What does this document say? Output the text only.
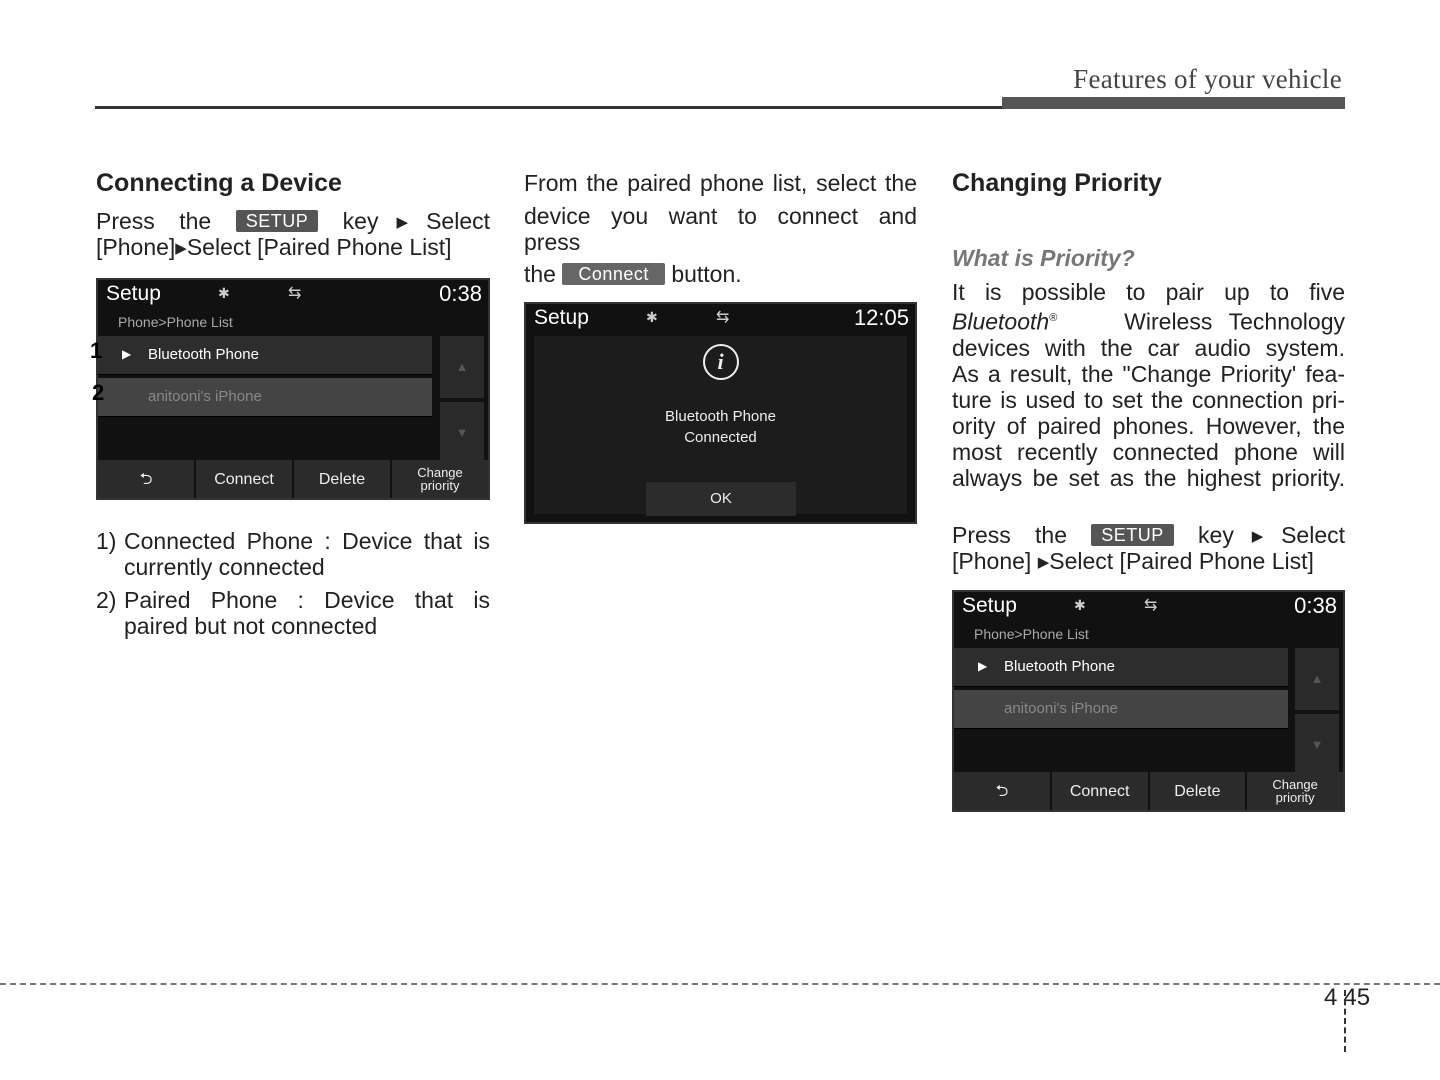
Features of your vehicle
Connecting a Device
Press the SETUP key▶Select
[Phone]▶Select [Paired Phone List]
Setup	✱	⇆	0:38
Phone>Phone List
▶ Bluetooth Phone
anitooni's iPhone
▲
▼
⮌	Connect	Delete	Change
priority
1
2
1) Connected Phone : Device that is
currently connected
2) Paired Phone : Device that is
paired but not connected
From the paired phone list, select the
device you want to connect and
press
the Connect button.
Setup	✱	⇆	12:05
i
Bluetooth Phone
Connected
OK
Changing Priority
What is Priority?
It is possible to pair up to five
Bluetooth®	Wireless Technology
devices with the car audio system.
As a result, the "Change Priority' fea-
ture is used to set the connection pri-
ority of paired phones. However, the
most recently connected phone will
always be set as the highest priority.
Press the SETUP key▶Select
[Phone] ▶Select [Paired Phone List]
Setup	✱	⇆	0:38
Phone>Phone List
▶ Bluetooth Phone
anitooni's iPhone
▲
▼
⮌	Connect	Delete	Change
priority
4 45
